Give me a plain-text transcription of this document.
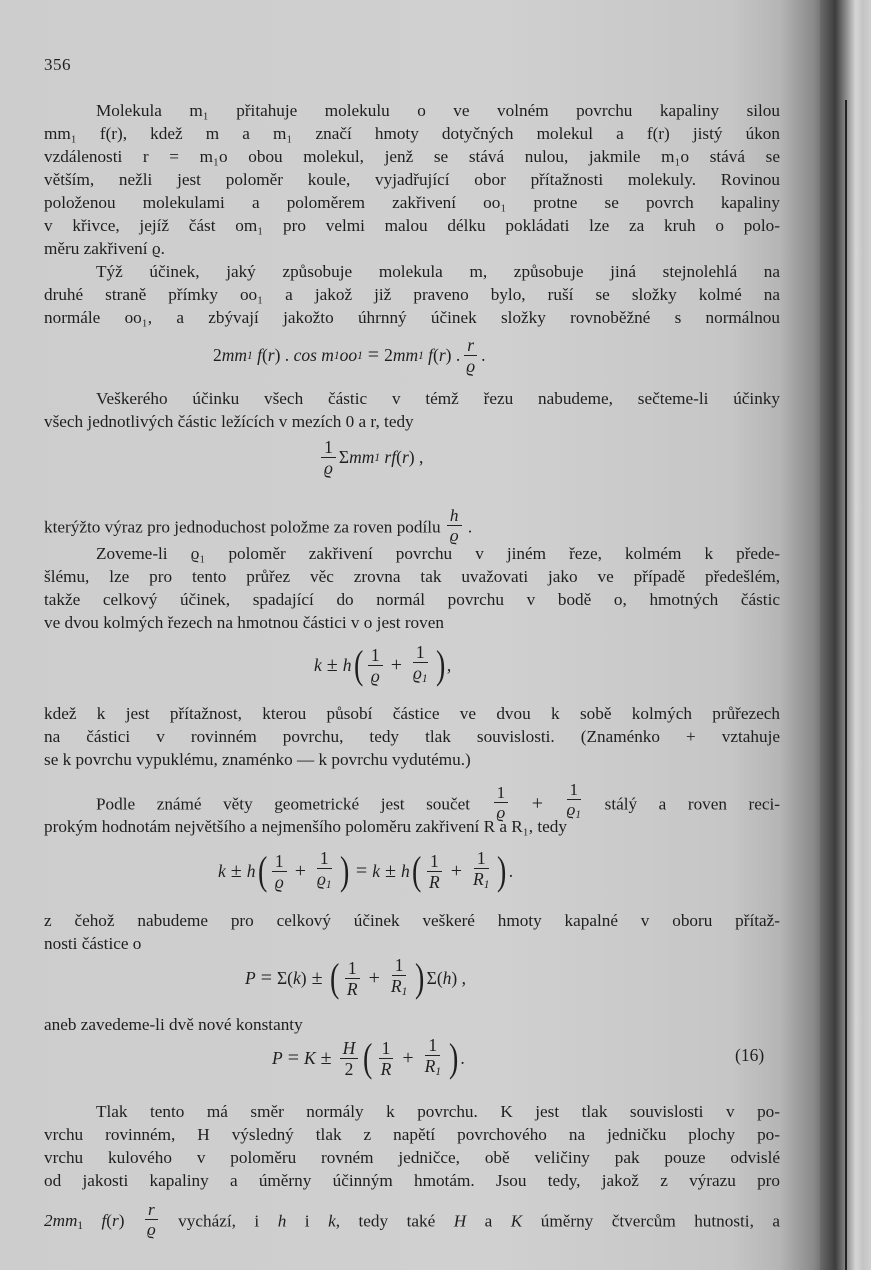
356
Molekula m₁ přitahuje molekulu o ve volném povrchu kapaliny silou
mm₁ f(r), kdež m a m₁ značí hmoty dotyčných molekul a f(r) jistý úkon
vzdálenosti r = m₁o obou molekul, jenž se stává nulou, jakmile m₁o stává se
větším, nežli jest poloměr koule, vyjadřující obor přítažnosti molekuly. Rovinou
položenou molekulami a poloměrem zakřivení oo₁ protne se povrch kapaliny
v křivce, jejíž část om₁ pro velmi malou délku pokládati lze za kruh o polo-
měru zakřivení ϱ.
Týž účinek, jaký způsobuje molekula m, způsobuje jiná stejnolehlá na
druhé straně přímky oo₁ a jakož již praveno bylo, ruší se složky kolmé na
normále oo₁, a zbývají jakožto úhrnný účinek složky rovnoběžné s normálnou
2 mm 1 f ( r ) . cos m 1 oo 1 = 2 mm 1 f ( r ) . $\frac{r}{ϱ}$ .
Veškerého účinku všech částic v témž řezu nabudeme, sečteme-li účinky
všech jednotlivých částic ležících v mezích 0 a r, tedy
$\frac{1}{ϱ}$ Σ mm 1 rf ( r ) ,
kterýžto výraz pro jednoduchost položme za roven podílu $\frac{h}{ϱ}$ .
Zoveme-li ϱ₁ poloměr zakřivení povrchu v jiném řeze, kolmém k přede-
šlému, lze pro tento průřez věc zrovna tak uvažovati jako ve případě předešlém,
takže celkový účinek, spadající do normál povrchu v bodě o, hmotných částic
ve dvou kolmých řezech na hmotnou částici v o jest roven
k ± h ( $\frac{1}{ϱ} + \frac{1}{ϱ_1}$ ) ,
kdež k jest přítažnost, kterou působí částice ve dvou k sobě kolmých průřezech
na částici v rovinném povrchu, tedy tlak souvislosti. (Znaménko + vztahuje
se k povrchu vypuklému, znaménko — k povrchu vydutému.)
Podle známé věty geometrické jest součet $\frac{1}{ϱ} + \frac{1}{ϱ_1}$ stálý a roven reci-
prokým hodnotám největšího a nejmenšího poloměru zakřivení R a R₁, tedy
k ± h ( $\frac{1}{ϱ} + \frac{1}{ϱ_1}$ ) = k ± h ( $\frac{1}{R} + \frac{1}{R_1}$ ) .
z čehož nabudeme pro celkový účinek veškeré hmoty kapalné v oboru přítaž-
nosti částice o
P = Σ ( k ) ± ( $\frac{1}{R} + \frac{1}{R_1}$ ) Σ ( h ) ,
aneb zavedeme-li dvě nové konstanty
$P = K \pm \frac{H}{2}$ ( $\frac{1}{R} + \frac{1}{R_1}$ ) .	(16)
Tlak tento má směr normály k povrchu. K jest tlak souvislosti v po-
vrchu rovinném, H výsledný tlak z napětí povrchového na jedničku plochy po-
vrchu kulového v poloměru rovném jedničce, obě veličiny pak pouze odvislé
od jakosti kapaliny a úměrny účinným hmotám. Jsou tedy, jakož z výrazu pro
$2mm_1$ $f(r) \frac{r}{ϱ}$ vychází, i h i k, tedy také H a K úměrny čtvercům hutnosti, a
